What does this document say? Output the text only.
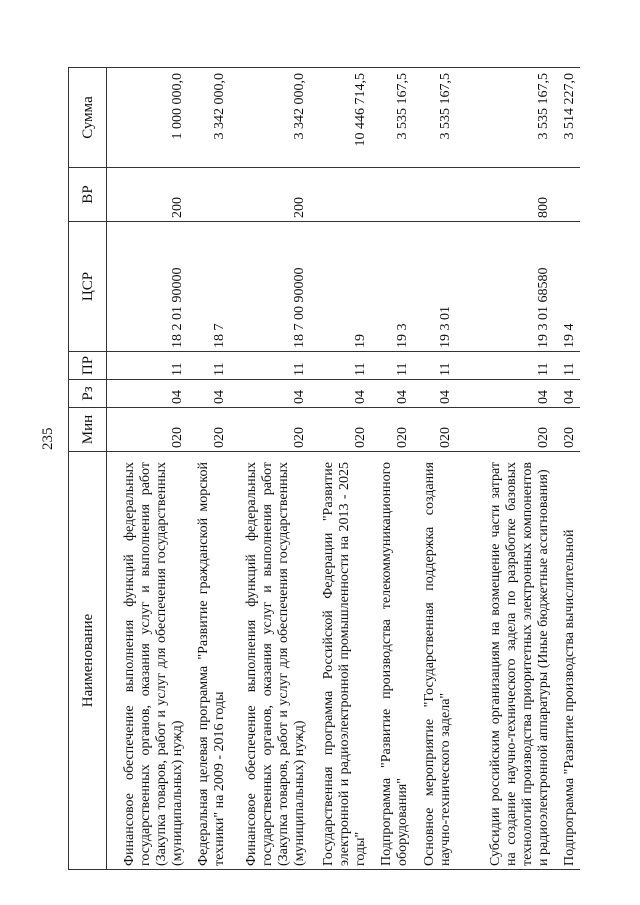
235
Наименование	Мин	Рз	ПР	ЦСР	ВР	Сумма

Финансовое обеспечение выполнения функций федеральных государственных органов, оказания услуг и выполнения работ (Закупка товаров, работ и услуг для обеспечения государственных (муниципальных) нужд)	020	04	11	18 2 01 90000	200	1 000 000,0

Федеральная целевая программа "Развитие гражданской морской техники" на 2009 - 2016 годы	020	04	11	18 7		3 342 000,0

Финансовое обеспечение выполнения функций федеральных государственных органов, оказания услуг и выполнения работ (Закупка товаров, работ и услуг для обеспечения государственных (муниципальных) нужд)	020	04	11	18 7 00 90000	200	3 342 000,0

Государственная программа Российской Федерации "Развитие электронной и радиоэлектронной промышленности на 2013 - 2025 годы"	020	04	11	19		10 446 714,5

Подпрограмма "Развитие производства телекоммуникационного оборудования"	020	04	11	19 3		3 535 167,5

Основное мероприятие "Государственная поддержка создания научно-технического задела"	020	04	11	19 3 01		3 535 167,5

Субсидии российским организациям на возмещение части затрат на создание научно-технического задела по разработке базовых технологий производства приоритетных электронных компонентов и радиоэлектронной аппаратуры (Иные бюджетные ассигнования)	020	04	11	19 3 01 68580	800	3 535 167,5

Подпрограмма "Развитие производства вычислительной	020	04	11	19 4		3 514 227,0
